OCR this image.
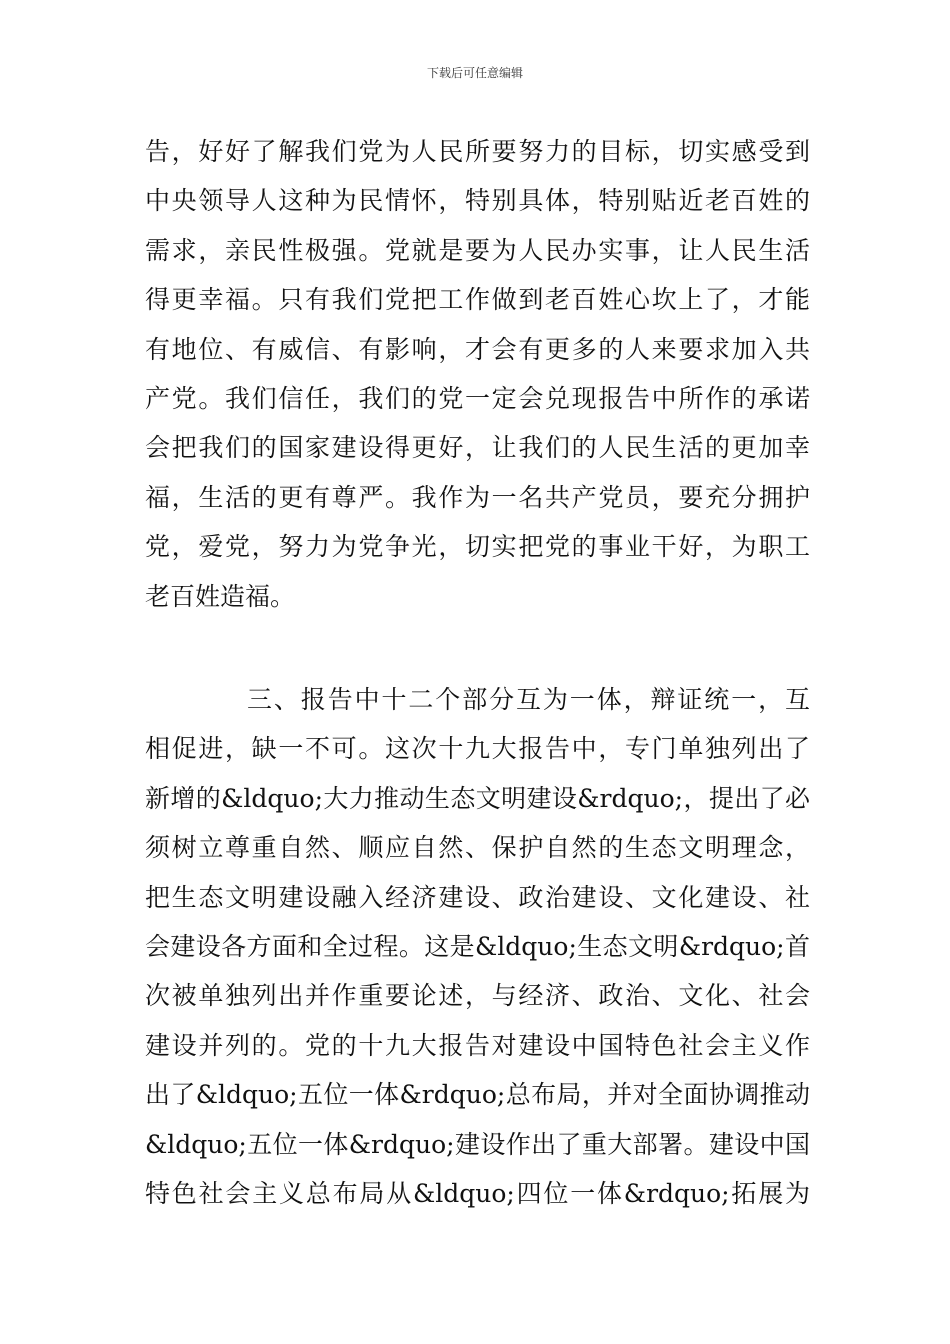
下载后可任意编辑
告，好好了解我们党为人民所要努力的目标，切实感受到
中央领导人这种为民情怀，特别具体，特别贴近老百姓的
需求，亲民性极强。党就是要为人民办实事，让人民生活
得更幸福。只有我们党把工作做到老百姓心坎上了，才能
有地位、有威信、有影响，才会有更多的人来要求加入共
产党。我们信任，我们的党一定会兑现报告中所作的承诺
会把我们的国家建设得更好，让我们的人民生活的更加幸
福，生活的更有尊严。我作为一名共产党员，要充分拥护
党，爱党，努力为党争光，切实把党的事业干好，为职工
老百姓造福。
三、报告中十二个部分互为一体，辩证统一，互
相促进，缺一不可。这次十九大报告中，专门单独列出了
新增的&ldquo;大力推动生态文明建设&rdquo;，提出了必
须树立尊重自然、顺应自然、保护自然的生态文明理念，
把生态文明建设融入经济建设、政治建设、文化建设、社
会建设各方面和全过程。这是&ldquo;生态文明&rdquo;首
次被单独列出并作重要论述，与经济、政治、文化、社会
建设并列的。党的十九大报告对建设中国特色社会主义作
出了&ldquo;五位一体&rdquo;总布局，并对全面协调推动
&ldquo;五位一体&rdquo;建设作出了重大部署。建设中国
特色社会主义总布局从&ldquo;四位一体&rdquo;拓展为
